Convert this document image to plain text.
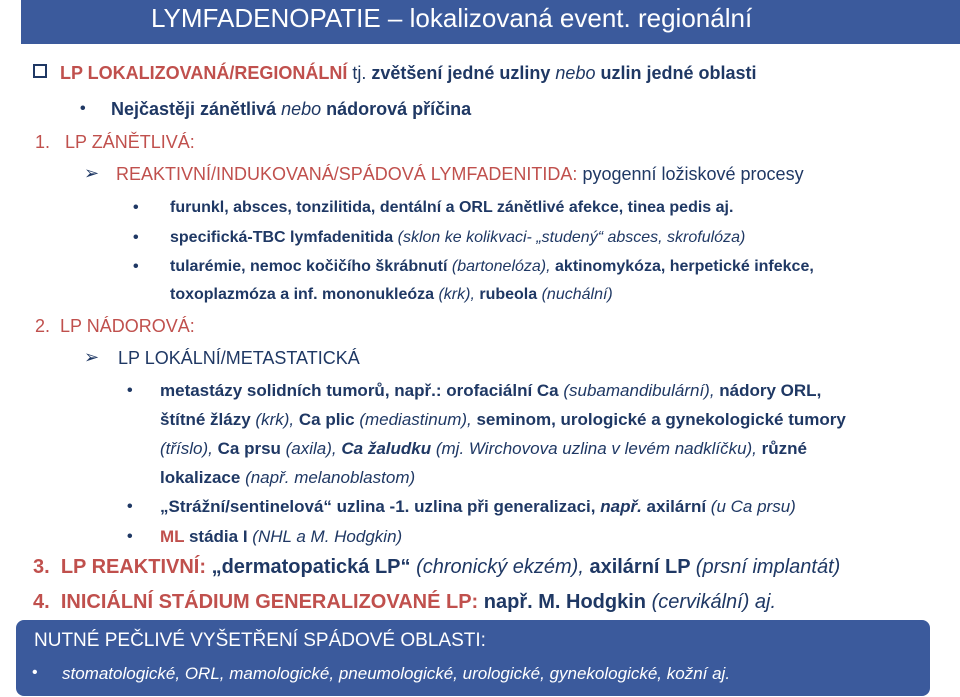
LYMFADENOPATIE – lokalizovaná event. regionální
LP LOKALIZOVANÁ/REGIONÁLNÍ tj. zvětšení jedné uzliny nebo uzlin jedné oblasti
• Nejčastěji zánětlivá nebo nádorová příčina
1. LP ZÁNĚTLIVÁ:
➢ REAKTIVNÍ/INDUKOVANÁ/SPÁDOVÁ LYMFADENITIDA: pyogenní ložiskové procesy
• furunkl, absces, tonzilitida, dentální a ORL zánětlivé afekce, tinea pedis aj.
• specifická-TBC lymfadenitida (sklon ke kolikvaci- „studený“ absces, skrofulóza)
• tularémie, nemoc kočičího škrábnutí (bartonelóza), aktinomykóza, herpetické infekce,
toxoplazmóza a inf. mononukleóza (krk), rubeola (nuchální)
2. LP NÁDOROVÁ:
➢ LP LOKÁLNÍ/METASTATICKÁ
• metastázy solidních tumorů, např.: orofaciální Ca (subamandibulární), nádory ORL,
štítné žlázy (krk), Ca plic (mediastinum), seminom, urologické a gynekologické tumory
(tříslo), Ca prsu (axila), Ca žaludku (mj. Wirchovova uzlina v levém nadklíčku), různé
lokalizace (např. melanoblastom)
• „Strážní/sentinelová“ uzlina -1. uzlina při generalizaci, např. axilární (u Ca prsu)
• ML stádia I (NHL a M. Hodgkin)
3. LP REAKTIVNÍ: „dermatopatická LP“ (chronický ekzém), axilární LP (prsní implantát)
4. INICIÁLNÍ STÁDIUM GENERALIZOVANÉ LP: např. M. Hodgkin (cervikální) aj.
NUTNÉ PEČLIVÉ VYŠETŘENÍ SPÁDOVÉ OBLASTI:
• stomatologické, ORL, mamologické, pneumologické, urologické, gynekologické, kožní aj.
